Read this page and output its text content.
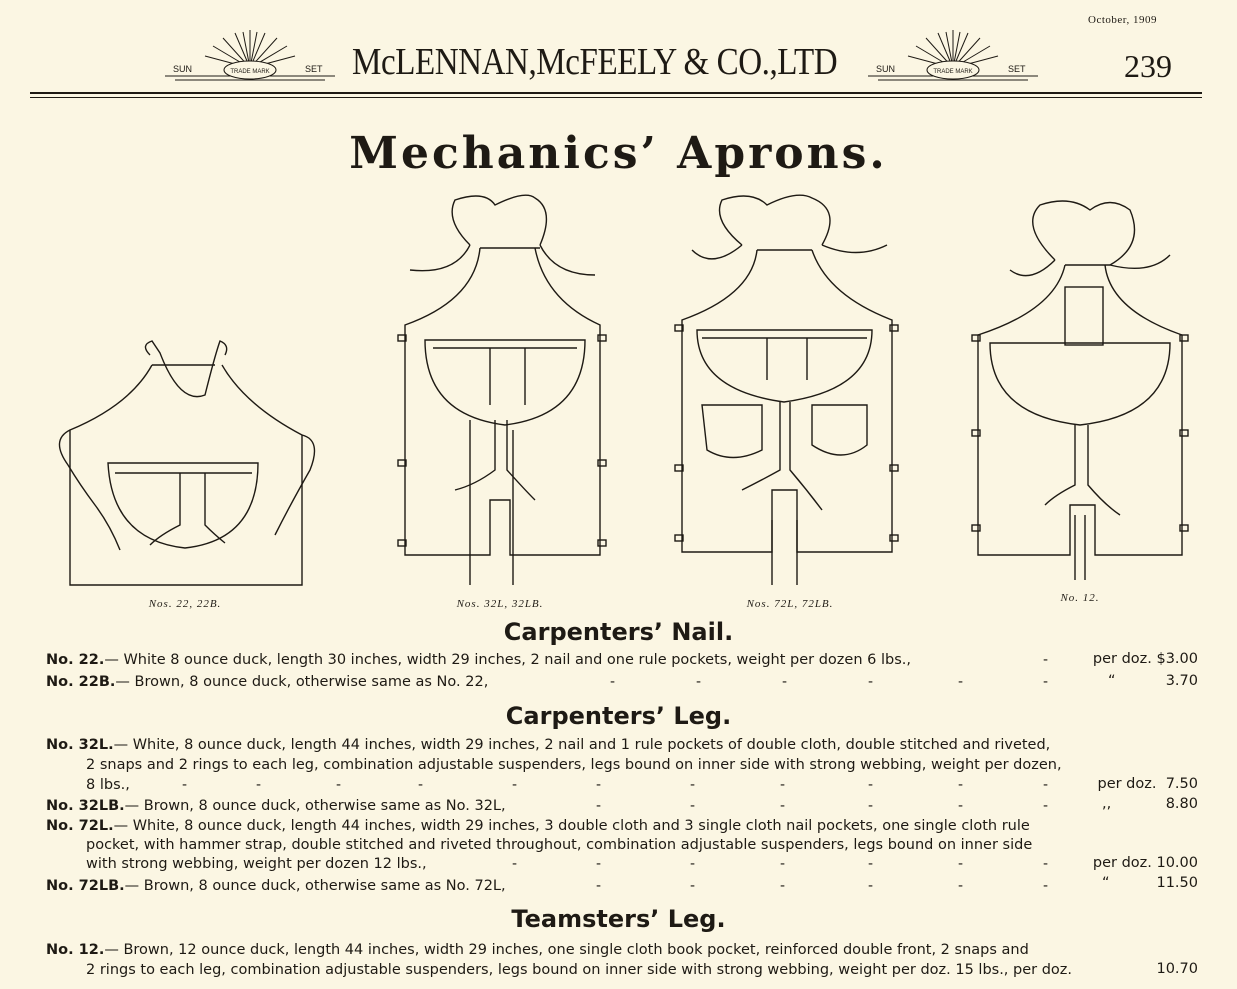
October, 1909
SUN	TRADE MARK	SET McLENNAN,McFEELY & CO.,LTD	SUN	TRADE MARK	SET	239
Mechanics’ Aprons.
Nos. 22, 22B.	Nos. 32L, 32LB.	Nos. 72L, 72LB.	No. 12.
Carpenters’ Nail.
No. 22.— White 8 ounce duck, length 30 inches, width 29 inches, 2 nail and one rule pockets, weight per dozen 6 lbs.,	-	per doz. $3.00
No. 22B.— Brown, 8 ounce duck, otherwise same as No. 22,	-	-	-	-	-	-	“	3.70
Carpenters’ Leg.
No. 32L.— White, 8 ounce duck, length 44 inches, width 29 inches, 2 nail and 1 rule pockets of double cloth, double stitched and riveted,
2 snaps and 2 rings to each leg, combination adjustable suspenders, legs bound on inner side with strong webbing, weight per dozen,
8 lbs.,	-	-	-	-	-	-	-	-	-	-	-	per doz. 7.50
No. 32LB.— Brown, 8 ounce duck, otherwise same as No. 32L,	-	-	-	-	-	-	,,	8.80
No. 72L.— White, 8 ounce duck, length 44 inches, width 29 inches, 3 double cloth and 3 single cloth nail pockets, one single cloth rule
pocket, with hammer strap, double stitched and riveted throughout, combination adjustable suspenders, legs bound on inner side
with strong webbing, weight per dozen 12 lbs.,	-	-	-	-	-	-	-	per doz. 10.00
No. 72LB.— Brown, 8 ounce duck, otherwise same as No. 72L,	-	-	-	-	-	-	“	11.50
Teamsters’ Leg.
No. 12.— Brown, 12 ounce duck, length 44 inches, width 29 inches, one single cloth book pocket, reinforced double front, 2 snaps and
2 rings to each leg, combination adjustable suspenders, legs bound on inner side with strong webbing, weight per doz. 15 lbs., per doz.	10.70
